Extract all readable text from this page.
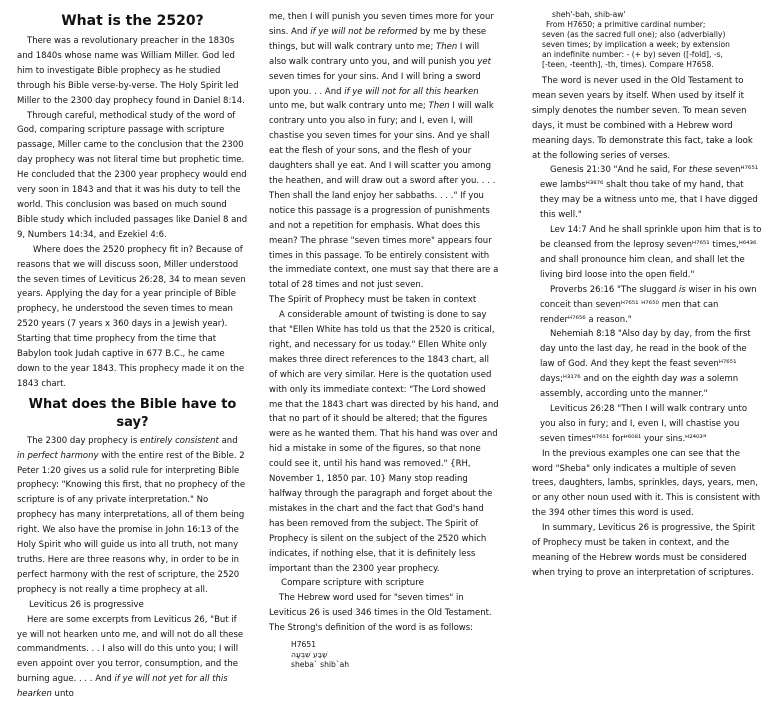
What is the 2520?

There was a revolutionary preacher in the 1830s and 1840s whose name was William Miller. God led him to investigate Bible prophecy as he studied through his Bible verse-by-verse. The Holy Spirit led Miller to the 2300 day prophecy found in Daniel 8:14.

Through careful, methodical study of the word of God, comparing scripture passage with scripture passage, Miller came to the conclusion that the 2300 day prophecy was not literal time but prophetic time. He concluded that the 2300 year prophecy would end very soon in 1843 and that it was his duty to tell the world. This conclusion was based on much sound Bible study which included passages like Daniel 8 and 9, Numbers 14:34, and Ezekiel 4:6.

Where does the 2520 prophecy fit in? Because of reasons that we will discuss soon, Miller understood the seven times of Leviticus 26:28, 34 to mean seven years. Applying the day for a year principle of Bible prophecy, he understood the seven times to mean 2520 years (7 years x 360 days in a Jewish year). Starting that time prophecy from the time that Babylon took Judah captive in 677 B.C., he came down to the year 1843. This prophecy made it on the 1843 chart.

What does the Bible have to say?

The 2300 day prophecy is entirely consistent and in perfect harmony with the entire rest of the Bible. 2 Peter 1:20 gives us a solid rule for interpreting Bible prophecy: "Knowing this first, that no prophecy of the scripture is of any private interpretation." No prophecy has many interpretations, all of them being right. We also have the promise in John 16:13 of the Holy Spirit who will guide us into all truth, not many truths. Here are three reasons why, in order to be in perfect harmony with the rest of scripture, the 2520 prophecy is not really a time prophecy at all.

Leviticus 26 is progressive

Here are some excerpts from Leviticus 26, "But if ye will not hearken unto me, and will not do all these commandments. . . I also will do this unto you; I will even appoint over you terror, consumption, and the burning ague. . . . And if ye will not yet for all this hearken unto

me, then I will punish you seven times more for your sins. And if ye will not be reformed by me by these things, but will walk contrary unto me; Then I will also walk contrary unto you, and will punish you yet seven times for your sins. And I will bring a sword upon you. . . And if ye will not for all this hearken unto me, but walk contrary unto me; Then I will walk contrary unto you also in fury; and I, even I, will chastise you seven times for your sins. And ye shall eat the flesh of your sons, and the flesh of your daughters shall ye eat. And I will scatter you among the heathen, and will draw out a sword after you. . . . Then shall the land enjoy her sabbaths. . . ." If you notice this passage is a progression of punishments and not a repetition for emphasis. What does this mean? The phrase "seven times more" appears four times in this passage. To be entirely consistent with the immediate context, one must say that there are a total of 28 times and not just seven.

The Spirit of Prophecy must be taken in context

A considerable amount of twisting is done to say that "Ellen White has told us that the 2520 is critical, right, and necessary for us today." Ellen White only makes three direct references to the 1843 chart, all of which are very similar. Here is the quotation used with only its immediate context: "The Lord showed me that the 1843 chart was directed by his hand, and that no part of it should be altered; that the figures were as he wanted them. That his hand was over and hid a mistake in some of the figures, so that none could see it, until his hand was removed." {RH, November 1, 1850 par. 10} Many stop reading halfway through the paragraph and forget about the mistakes in the chart and the fact that God's hand has been removed from the subject. The Spirit of Prophecy is silent on the subject of the 2520 which indicates, if nothing else, that it is definitely less important than the 2300 year prophecy.

Compare scripture with scripture

The Hebrew word used for "seven times" in Leviticus 26 is used 346 times in the Old Testament. The Strong's definition of the word is as follows:

H7651
שֶׁבַע שִׁבְעָה
sheba` shib`ah
sheh'-bah, shib-aw'
From H7650; a primitive cardinal number;
seven (as the sacred full one); also (adverbially)
seven times; by implication a week; by extension
an indefinite number: - (+ by) seven ([-fold], -s,
[-teen, -teenth], -th, times). Compare H7658.

The word is never used in the Old Testament to mean seven years by itself. When used by itself it simply denotes the number seven. To mean seven days, it must be combined with a Hebrew word meaning days. To demonstrate this fact, take a look at the following series of verses.

Genesis 21:30 "And he said, For these sevenᴴ⁷⁶⁵¹ ewe lambsᴴ³⁸⁷⁶ shalt thou take of my hand, that they may be a witness unto me, that I have digged this well."

Lev 14:7 And he shall sprinkle upon him that is to be cleansed from the leprosy sevenᴴ⁷⁶⁵¹ times,ᴴ⁶⁴³⁶ and shall pronounce him clean, and shall let the living bird loose into the open field."

Proverbs 26:16 "The sluggard is wiser in his own conceit than sevenᴴ⁷⁶⁵¹ ᴴ⁷⁶⁵⁰ men that can renderᴴ⁷⁶⁵⁶ a reason."

Nehemiah 8:18 "Also day by day, from the first day unto the last day, he read in the book of the law of God. And they kept the feast sevenᴴ⁷⁶⁵¹ days;ᴴ³¹⁷⁶ and on the eighth day was a solemn assembly, according unto the manner."

Leviticus 26:28 "Then I will walk contrary unto you also in fury; and I, even I, will chastise you seven timesᴴ⁷⁶⁵¹ forᴴ⁶⁰⁸¹ your sins.ᴴ²⁴⁰³"

In the previous examples one can see that the word "Sheba" only indicates a multiple of seven trees, daughters, lambs, sprinkles, days, years, men, or any other noun used with it. This is consistent with the 394 other times this word is used.

In summary, Leviticus 26 is progressive, the Spirit of Prophecy must be taken in context, and the meaning of the Hebrew words must be considered when trying to prove an interpretation of scriptures.
